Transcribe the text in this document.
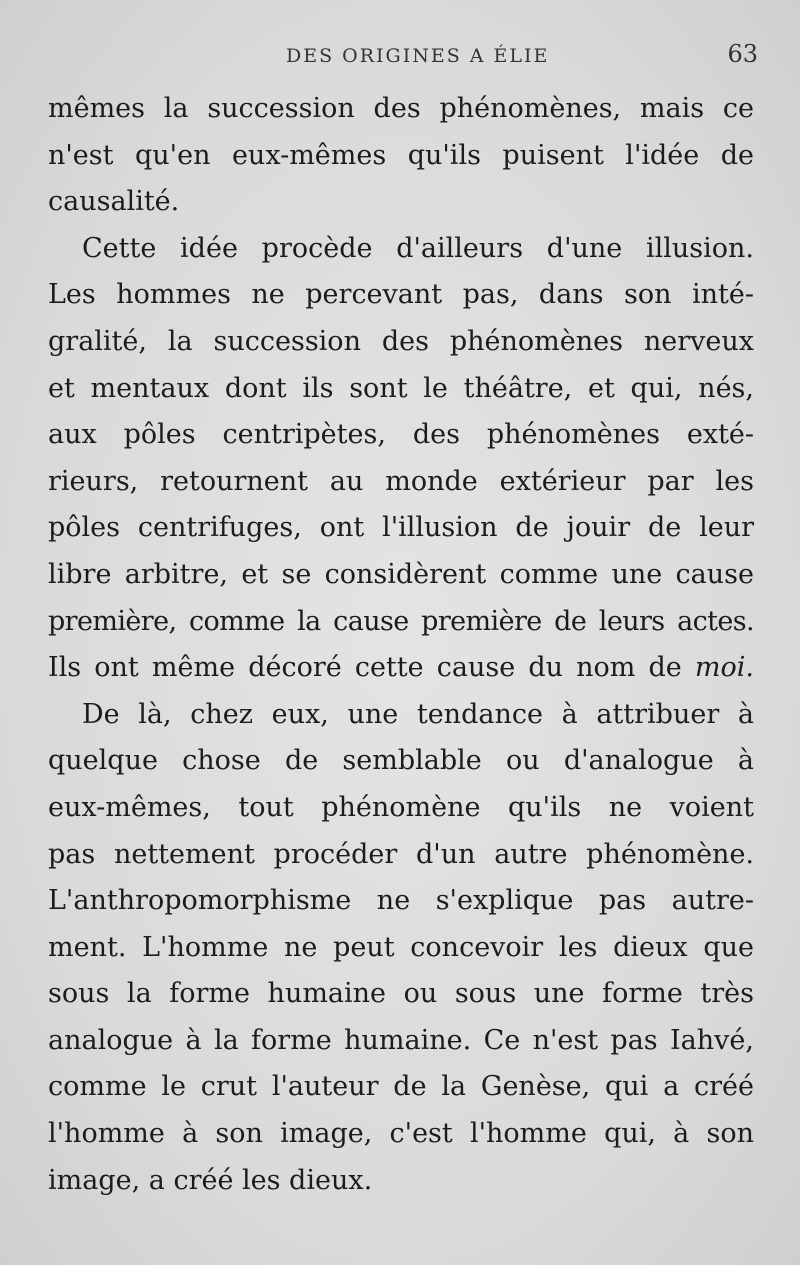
DES ORIGINES A ÉLIE	63

mêmes la succession des phénomènes, mais ce
n'est qu'en eux-mêmes qu'ils puisent l'idée de
causalité.

Cette idée procède d'ailleurs d'une illusion.
Les hommes ne percevant pas, dans son inté-
gralité, la succession des phénomènes nerveux
et mentaux dont ils sont le théâtre, et qui, nés,
aux pôles centripètes, des phénomènes exté-
rieurs, retournent au monde extérieur par les
pôles centrifuges, ont l'illusion de jouir de leur
libre arbitre, et se considèrent comme une cause
première, comme la cause première de leurs actes.
Ils ont même décoré cette cause du nom de moi.

De là, chez eux, une tendance à attribuer à
quelque chose de semblable ou d'analogue à
eux-mêmes, tout phénomène qu'ils ne voient
pas nettement procéder d'un autre phénomène.
L'anthropomorphisme ne s'explique pas autre-
ment. L'homme ne peut concevoir les dieux que
sous la forme humaine ou sous une forme très
analogue à la forme humaine. Ce n'est pas Iahvé,
comme le crut l'auteur de la Genèse, qui a créé
l'homme à son image, c'est l'homme qui, à son
image, a créé les dieux.
